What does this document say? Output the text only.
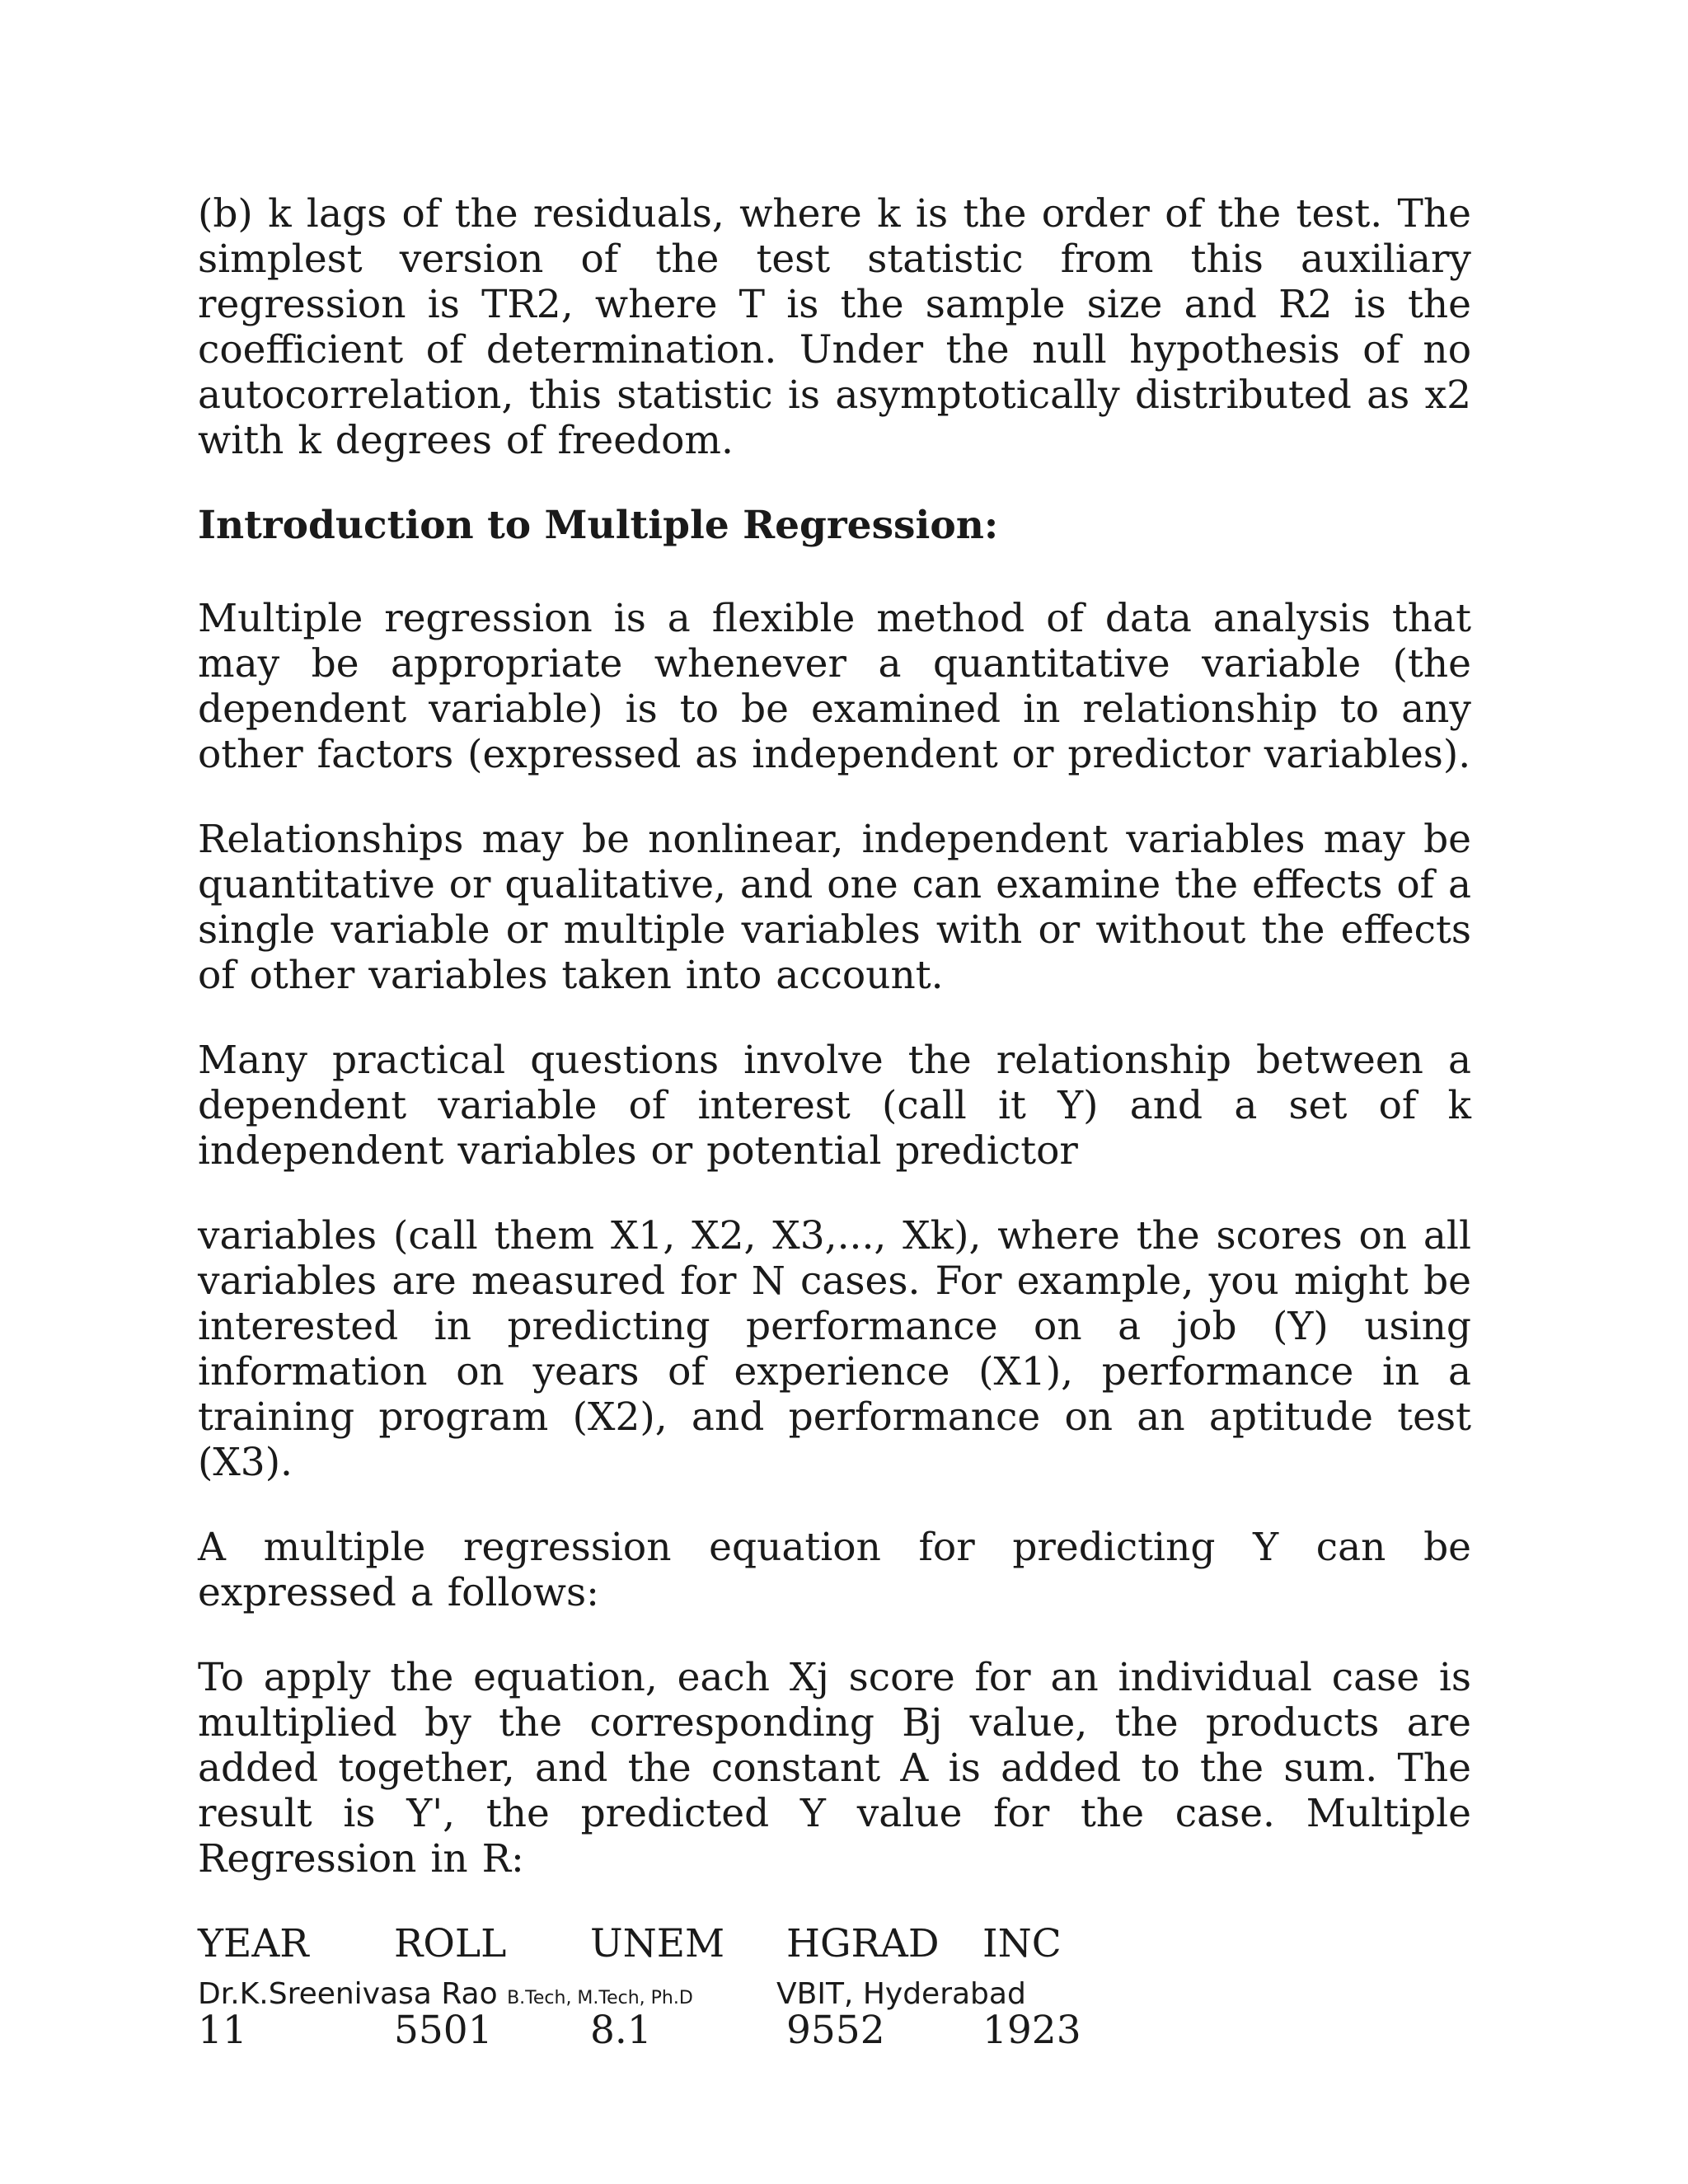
(b) k lags of the residuals, where k is the order of the test. The simplest version of the test statistic from this auxiliary regression is TR2, where T is the sample size and R2 is the coefficient of determination. Under the null hypothesis of no autocorrelation, this statistic is asymptotically distributed as x2 with k degrees of freedom.

Introduction to Multiple Regression:

Multiple regression is a flexible method of data analysis that may be appropriate whenever a quantitative variable (the dependent variable) is to be examined in relationship to any other factors (expressed as independent or predictor variables).

Relationships may be nonlinear, independent variables may be quantitative or qualitative, and one can examine the effects of a single variable or multiple variables with or without the effects of other variables taken into account.

Many practical questions involve the relationship between a dependent variable of interest (call it Y) and a set of k independent variables or potential predictor

variables (call them X1, X2, X3,..., Xk), where the scores on all variables are measured for N cases. For example, you might be interested in predicting performance on a job (Y) using information on years of experience (X1), performance in a training program (X2), and performance on an aptitude test (X3).

A multiple regression equation for predicting Y can be expressed a follows:

To apply the equation, each Xj score for an individual case is multiplied by the corresponding Bj value, the products are added together, and the constant A is added to the sum. The result is Y', the predicted Y value for the case. Multiple Regression in R:

YEAR	ROLL	UNEM	HGRAD	INC
11	5501	8.1	9552	1923
Dr.K.Sreenivasa Rao B.Tech, M.Tech, Ph.D	VBIT, Hyderabad
